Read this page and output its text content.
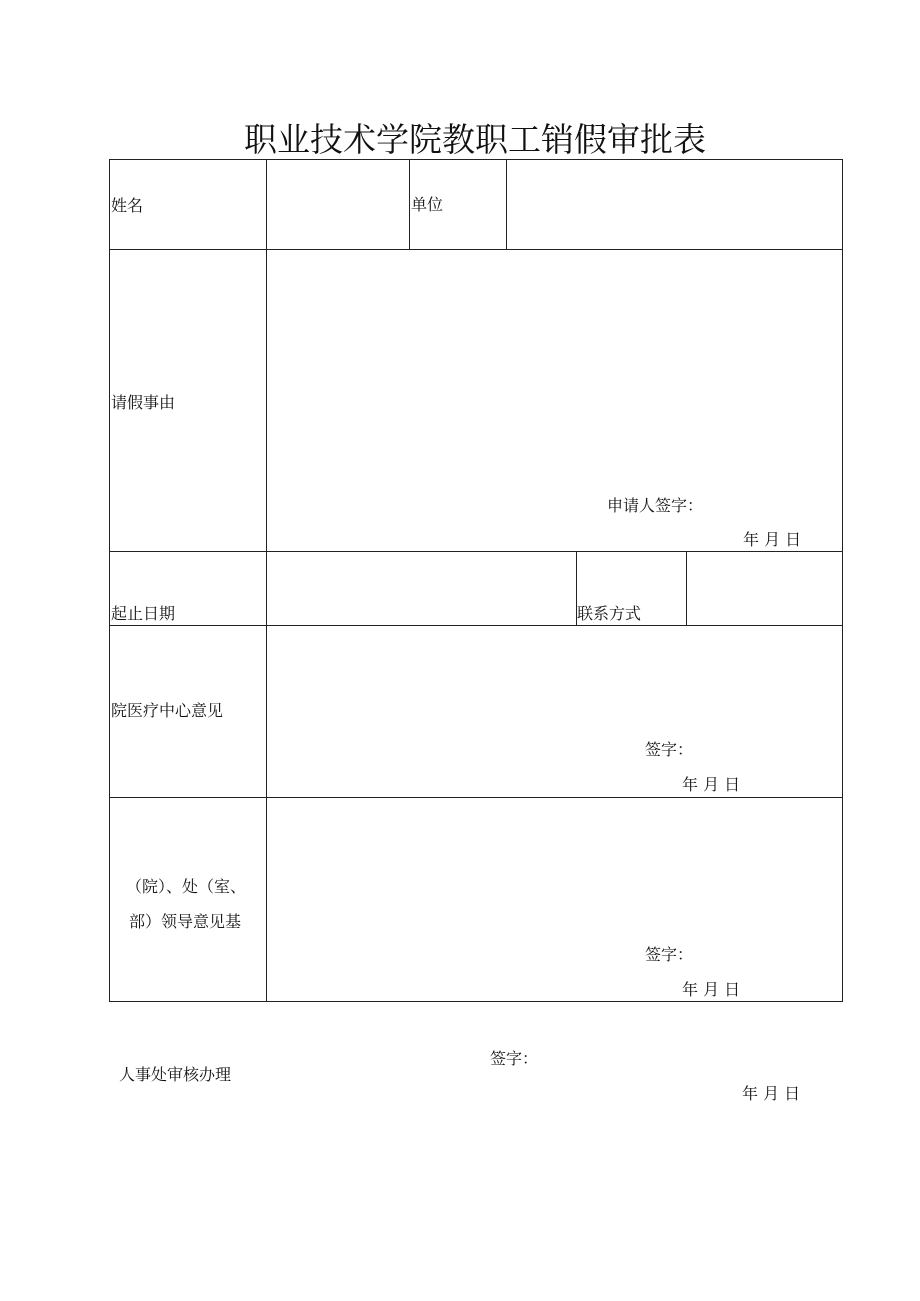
职业技术学院教职工销假审批表
姓名	单位
请假事由
申请人签字：
年 月 日
起止日期	联系方式
院医疗中心意见
签字：
年 月 日
（院）、处（室、
部）领导意见基
签字：
年 月 日
人事处审核办理
签字：
年 月 日
